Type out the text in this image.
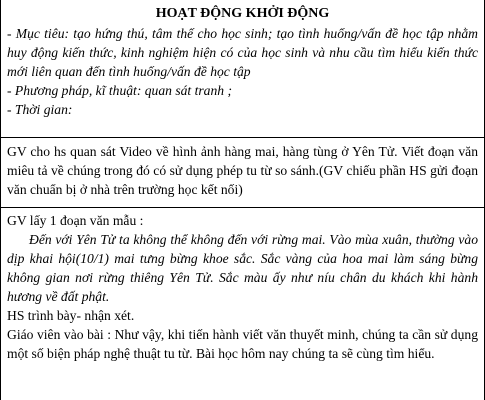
HOẠT ĐỘNG KHỞI ĐỘNG

- Mục tiêu: tạo hứng thú, tâm thế cho học sinh; tạo tình huống/vấn đề học tập nhằm huy động kiến thức, kinh nghiệm hiện có của học sinh và nhu cầu tìm hiểu kiến thức mới liên quan đến tình huống/vấn đề học tập

- Phương pháp, kĩ thuật: quan sát tranh ;

- Thời gian:

GV cho hs quan sát Video về hình ảnh hàng mai, hàng tùng ở Yên Tử. Viết đoạn văn miêu tả về chúng trong đó có sử dụng phép tu từ so sánh.(GV chiếu phần HS gửi đoạn văn chuẩn bị ở nhà trên trường học kết nối)

GV lấy 1 đoạn văn mẫu :

Đến với Yên Tử ta không thể không đến với rừng mai. Vào mùa xuân, thường vào dịp khai hội(10/1) mai tưng bừng khoe sắc. Sắc vàng của hoa mai làm sáng bừng không gian nơi rừng thiêng Yên Tử. Sắc màu ấy như níu chân du khách khi hành hương về đất phật.

HS trình bày- nhận xét.

Giáo viên vào bài : Như vậy, khi tiến hành viết văn thuyết minh, chúng ta cần sử dụng một số biện pháp nghệ thuật tu từ. Bài học hôm nay chúng ta sẽ cùng tìm hiểu.
